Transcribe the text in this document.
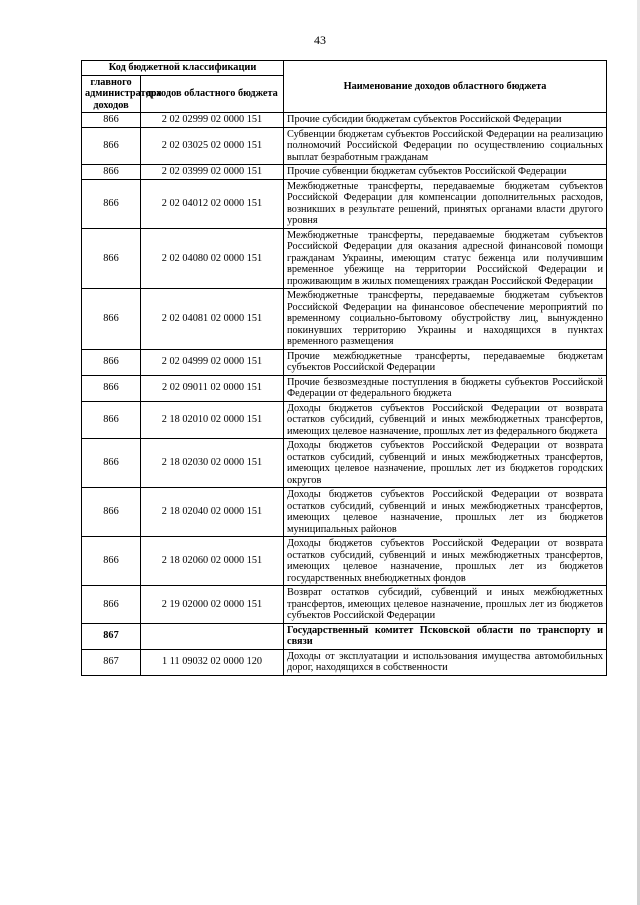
43
Код бюджетной классификации		Наименование доходов областного бюджета
главного администратора доходов	доходов областного бюджета	
866	2 02 02999 02 0000 151	Прочие субсидии бюджетам субъектов Российской Федерации
866	2 02 03025 02 0000 151	Субвенции бюджетам субъектов Российской Федерации на реализацию полномочий Российской Федерации по осуществлению социальных выплат безработным гражданам
866	2 02 03999 02 0000 151	Прочие субвенции бюджетам субъектов Российской Федерации
866	2 02 04012 02 0000 151	Межбюджетные трансферты, передаваемые бюджетам субъектов Российской Федерации для компенсации дополнительных расходов, возникших в результате решений, принятых органами власти другого уровня
866	2 02 04080 02 0000 151	Межбюджетные трансферты, передаваемые бюджетам субъектов Российской Федерации для оказания адресной финансовой помощи гражданам Украины, имеющим статус беженца или получившим временное убежище на территории Российской Федерации и проживающим в жилых помещениях граждан Российской Федерации
866	2 02 04081 02 0000 151	Межбюджетные трансферты, передаваемые бюджетам субъектов Российской Федерации на финансовое обеспечение мероприятий по временному социально-бытовому обустройству лиц, вынужденно покинувших территорию Украины и находящихся в пунктах временного размещения
866	2 02 04999 02 0000 151	Прочие межбюджетные трансферты, передаваемые бюджетам субъектов Российской Федерации
866	2 02 09011 02 0000 151	Прочие безвозмездные поступления в бюджеты субъектов Российской Федерации от федерального бюджета
866	2 18 02010 02 0000 151	Доходы бюджетов субъектов Российской Федерации от возврата остатков субсидий, субвенций и иных межбюджетных трансфертов, имеющих целевое назначение, прошлых лет из федерального бюджета
866	2 18 02030 02 0000 151	Доходы бюджетов субъектов Российской Федерации от возврата остатков субсидий, субвенций и иных межбюджетных трансфертов, имеющих целевое назначение, прошлых лет из бюджетов городских округов
866	2 18 02040 02 0000 151	Доходы бюджетов субъектов Российской Федерации от возврата остатков субсидий, субвенций и иных межбюджетных трансфертов, имеющих целевое назначение, прошлых лет из бюджетов муниципальных районов
866	2 18 02060 02 0000 151	Доходы бюджетов субъектов Российской Федерации от возврата остатков субсидий, субвенций и иных межбюджетных трансфертов, имеющих целевое назначение, прошлых лет из бюджетов государственных внебюджетных фондов
866	2 19 02000 02 0000 151	Возврат остатков субсидий, субвенций и иных межбюджетных трансфертов, имеющих целевое назначение, прошлых лет из бюджетов субъектов Российской Федерации
867		Государственный комитет Псковской области по транспорту и связи
867	1 11 09032 02 0000 120	Доходы от эксплуатации и использования имущества автомобильных дорог, находящихся в собственности
